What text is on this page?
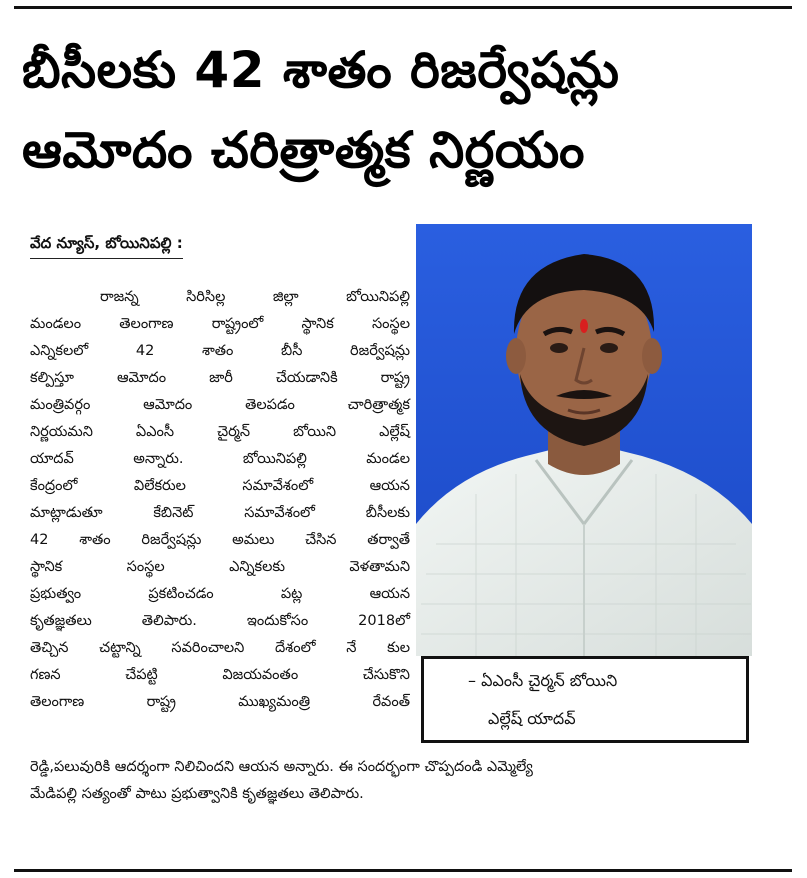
బీసీలకు 42 శాతం రిజర్వేషన్లు
ఆమోదం చరిత్రాత్మక నిర్ణయం
వేద న్యూస్, బోయినిపల్లి :
రాజన్న సిరిసిల్ల జిల్లా బోయినిపల్లి
మండలం తెలంగాణ రాష్ట్రంలో స్థానిక సంస్థల
ఎన్నికలలో 42 శాతం బీసీ రిజర్వేషన్లు
కల్పిస్తూ ఆమోదం జారీ చేయడానికి రాష్ట్ర
మంత్రివర్గం ఆమోదం తెలపడం చారిత్రాత్మక
నిర్ణయమని ఏఎంసీ చైర్మన్ బోయిని ఎల్లేష్
యాదవ్ అన్నారు. బోయినిపల్లి మండల
కేంద్రంలో విలేకరుల సమావేశంలో ఆయన
మాట్లాడుతూ కేబినెట్ సమావేశంలో బీసీలకు
42 శాతం రిజర్వేషన్లు అమలు చేసిన తర్వాతే
స్థానిక సంస్థల ఎన్నికలకు వెళతామని
ప్రభుత్వం ప్రకటించడం పట్ల ఆయన
కృతజ్ఞతలు తెలిపారు. ఇందుకోసం 2018లో
తెచ్చిన చట్టాన్ని సవరించాలని దేశంలో నే కుల
గణన చేపట్టి విజయవంతం చేసుకొని
తెలంగాణ రాష్ట్ర ముఖ్యమంత్రి రేవంత్
రెడ్డి,పలువురికి ఆదర్శంగా నిలిచిందని ఆయన అన్నారు. ఈ సందర్భంగా చొప్పదండి ఎమ్మెల్యే
మేడిపల్లి సత్యంతో పాటు ప్రభుత్వానికి కృతజ్ఞతలు తెలిపారు.
– ఏఎంసీ చైర్మన్ బోయిని
ఎల్లేష్ యాదవ్
